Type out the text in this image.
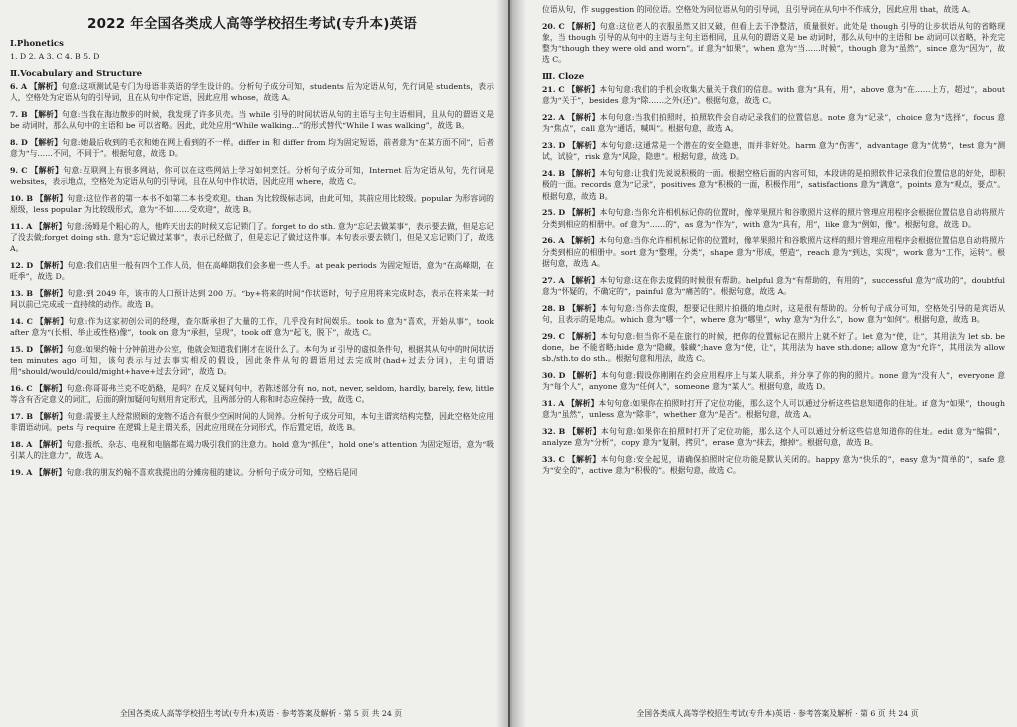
2022 年全国各类成人高等学校招生考试(专升本)英语
Ⅰ.Phonetics
1. D 2. A 3. C 4. B 5. D
Ⅱ.Vocabulary and Structure
6. A 【解析】句意:这项测试是专门为母语非英语的学生设计的。分析句子成分可知，students 后为定语从句，先行词是 students，表示人，空格处为定语从句的引导词，且在从句中作定语，因此应用 whose，故选 A。
7. B 【解析】句意:当我在海边散步的时候，我发现了许多贝壳。当 while 引导的时间状语从句的主语与主句主语相同，且从句的谓语义是 be 动词时，那么从句中的主语和 be 可以省略。因此，此处应用“While walking...”的形式替代“While I was walking”，故选 B。
8. D 【解析】句意:她最后收到的毛衣和她在网上看到的不一样。differ in 和 differ from 均为固定短语，前者意为“在某方面不同”，后者意为“与……不同，不同于”。根据句意，故选 D。
9. C 【解析】句意:互联网上有很多网站，你可以在这些网站上学习如何烹饪。分析句子成分可知，Internet 后为定语从句，先行词是 websites，表示地点，空格处为定语从句的引导词，且在从句中作状语，因此应用 where，故选 C。
10. B 【解析】句意:这位作者的第一本书不如第二本书受欢迎。than 为比较级标志词，由此可知，其前应用比较级。popular 为形容词的原级，less popular 为比较级形式，意为“不如……受欢迎”，故选 B。
11. A 【解析】句意:汤姆是个粗心的人，他昨天出去的时候又忘记锁门了。forget to do sth. 意为“忘记去做某事”，表示要去做，但是忘记了没去做;forget doing sth. 意为“忘记做过某事”，表示已经做了，但是忘记了做过这件事。本句表示要去锁门，但是又忘记锁门了，故选 A。
12. D 【解析】句意:我们店里一般有四个工作人员，但在高峰期我们会多雇一些人手。at peak periods 为固定短语，意为“在高峰期，在旺季”，故选 D。
13. B 【解析】句意:到 2049 年，该市的人口预计达到 200 万。“by+将来的时间”作状语时，句子应用将来完成时态，表示在将来某一时间以前已完成或一直持续的动作。故选 B。
14. C 【解析】句意:作为这家初创公司的经理，查尔斯承担了大量的工作，几乎没有时间娱乐。took to 意为“喜欢，开始从事”，took after 意为“(长相、举止或性格)像”，took on 意为“承担，呈现”，took off 意为“起飞，脱下”，故选 C。
15. D 【解析】句意:如果约翰十分钟前进办公室，他就会知道我们刚才在说什么了。本句为 if 引导的虚拟条件句，根据其从句中的时间状语 ten minutes ago 可知，该句表示与过去事实相反的假设，因此条件从句的谓语用过去完成时(had+过去分词)，主句谓语用“should/would/could/might+have+过去分词”，故选 D。
16. C 【解析】句意:你哥哥弗兰克不吃奶酪，是吗？在反义疑问句中，若陈述部分有 no, not, never, seldom, hardly, barely, few, little 等含有否定意义的词汇，后面的附加疑问句则用肯定形式，且两部分的人称和时态应保持一致，故选 C。
17. B 【解析】句意:需要主人经常照顾的宠物不适合有很少空闲时间的人饲养。分析句子成分可知，本句主谓宾结构完整，因此空格处应用非谓语动词。pets 与 require 在逻辑上是主谓关系，因此应用现在分词形式，作后置定语，故选 B。
18. A 【解析】句意:报纸、杂志、电视和电脑都在竭力吸引我们的注意力。hold 意为“抓住”，hold one's attention 为固定短语，意为“吸引某人的注意力”，故选 A。
19. A 【解析】句意:我的朋友约翰不喜欢我提出的分摊房租的建议。分析句子成分可知，空格后是同
全国各类成人高等学校招生考试(专升本)英语 · 参考答案及解析 · 第 5 页 共 24 页
位语从句，作 suggestion 的同位语。空格处为同位语从句的引导词，且引导词在从句中不作成分，因此应用 that，故选 A。
20. C 【解析】句意:这位老人的衣服虽然又旧又破，但看上去干净整洁，质量很好。此处是 though 引导的让步状语从句的省略现象，当 though 引导的从句中的主语与主句主语相同，且从句的谓语义是 be 动词时，那么从句中的主语和 be 动词可以省略，补充完整为“though they were old and worn”。if 意为“如果”，when 意为“当……时候”，though 意为“虽然”，since 意为“因为”，故选 C。
Ⅲ. Cloze
21. C 【解析】本句句意:我们的手机会收集大量关于我们的信息。with 意为“具有，用”，above 意为“在……上方，超过”，about 意为“关于”，besides 意为“除……之外(还)”。根据句意，故选 C。
22. A 【解析】本句句意:当我们拍照时，拍照软件会自动记录我们的位置信息。note 意为“记录”，choice 意为“选择”，focus 意为“焦点”，call 意为“通话，喊叫”。根据句意，故选 A。
23. D 【解析】本句句意:这通常是一个潜在的安全隐患，而并非好处。harm 意为“伤害”，advantage 意为“优势”，test 意为“测试，试验”，risk 意为“风险，隐患”。根据句意，故选 D。
24. B 【解析】本句句意:让我们先说说积极的一面。根据空格后面的内容可知，本段讲的是拍照软件记录我们位置信息的好处，即积极的一面。records 意为“记录”，positives 意为“积极的一面，积极作用”，satisfactions 意为“满意”，points 意为“观点，要点”。根据句意，故选 B。
25. D 【解析】本句句意:当你允许相机标记你的位置时，像苹果照片和谷歌照片这样的照片管理应用程序会根据位置信息自动将照片分类到相应的相册中。of 意为“……的”，as 意为“作为”，with 意为“具有，用”，like 意为“例如，像”。根据句意，故选 D。
26. A 【解析】本句句意:当你允许相机标记你的位置时，像苹果照片和谷歌照片这样的照片管理应用程序会根据位置信息自动将照片分类到相应的相册中。sort 意为“整理，分类”，shape 意为“形成，塑造”，reach 意为“到达，实现”，work 意为“工作，运转”。根据句意，故选 A。
27. A 【解析】本句句意:这在你去度假的时候很有帮助。helpful 意为“有帮助的，有用的”，successful 意为“成功的”，doubtful 意为“怀疑的，不确定的”，painful 意为“痛苦的”。根据句意，故选 A。
28. B 【解析】本句句意:当你去度假，想要记住照片拍摄的地点时，这是很有帮助的。分析句子成分可知，空格处引导的是宾语从句，且表示的是地点。which 意为“哪一个”，where 意为“哪里”，why 意为“为什么”，how 意为“如何”。根据句意，故选 B。
29. C 【解析】本句句意:但当你不是在旅行的时候，把你的位置标记在照片上就不好了。let 意为“使，让”，其用法为 let sb. be done，be 不能省略;hide 意为“隐藏，躲藏”;have 意为“使，让”，其用法为 have sth.done; allow 意为“允许”，其用法为 allow sb./sth.to do sth.。根据句意和用法，故选 C。
30. D 【解析】本句句意:假设你刚刚在约会应用程序上与某人联系，并分享了你的狗的照片。none 意为“没有人”，everyone 意为“每个人”，anyone 意为“任何人”，someone 意为“某人”。根据句意，故选 D。
31. A 【解析】本句句意:如果你在拍照时打开了定位功能，那么这个人可以通过分析这些信息知道你的住址。if 意为“如果”，though 意为“虽然”，unless 意为“除非”，whether 意为“是否”。根据句意，故选 A。
32. B 【解析】本句句意:如果你在拍照时打开了定位功能，那么这个人可以通过分析这些信息知道你的住址。edit 意为“编辑”，analyze 意为“分析”，copy 意为“复制，拷贝”，erase 意为“抹去，擦掉”。根据句意，故选 B。
33. C 【解析】本句句意:安全起见，请确保拍照时定位功能是默认关闭的。happy 意为“快乐的”，easy 意为“简单的”，safe 意为“安全的”，active 意为“积极的”。根据句意，故选 C。
全国各类成人高等学校招生考试(专升本)英语 · 参考答案及解析 · 第 6 页 共 24 页
